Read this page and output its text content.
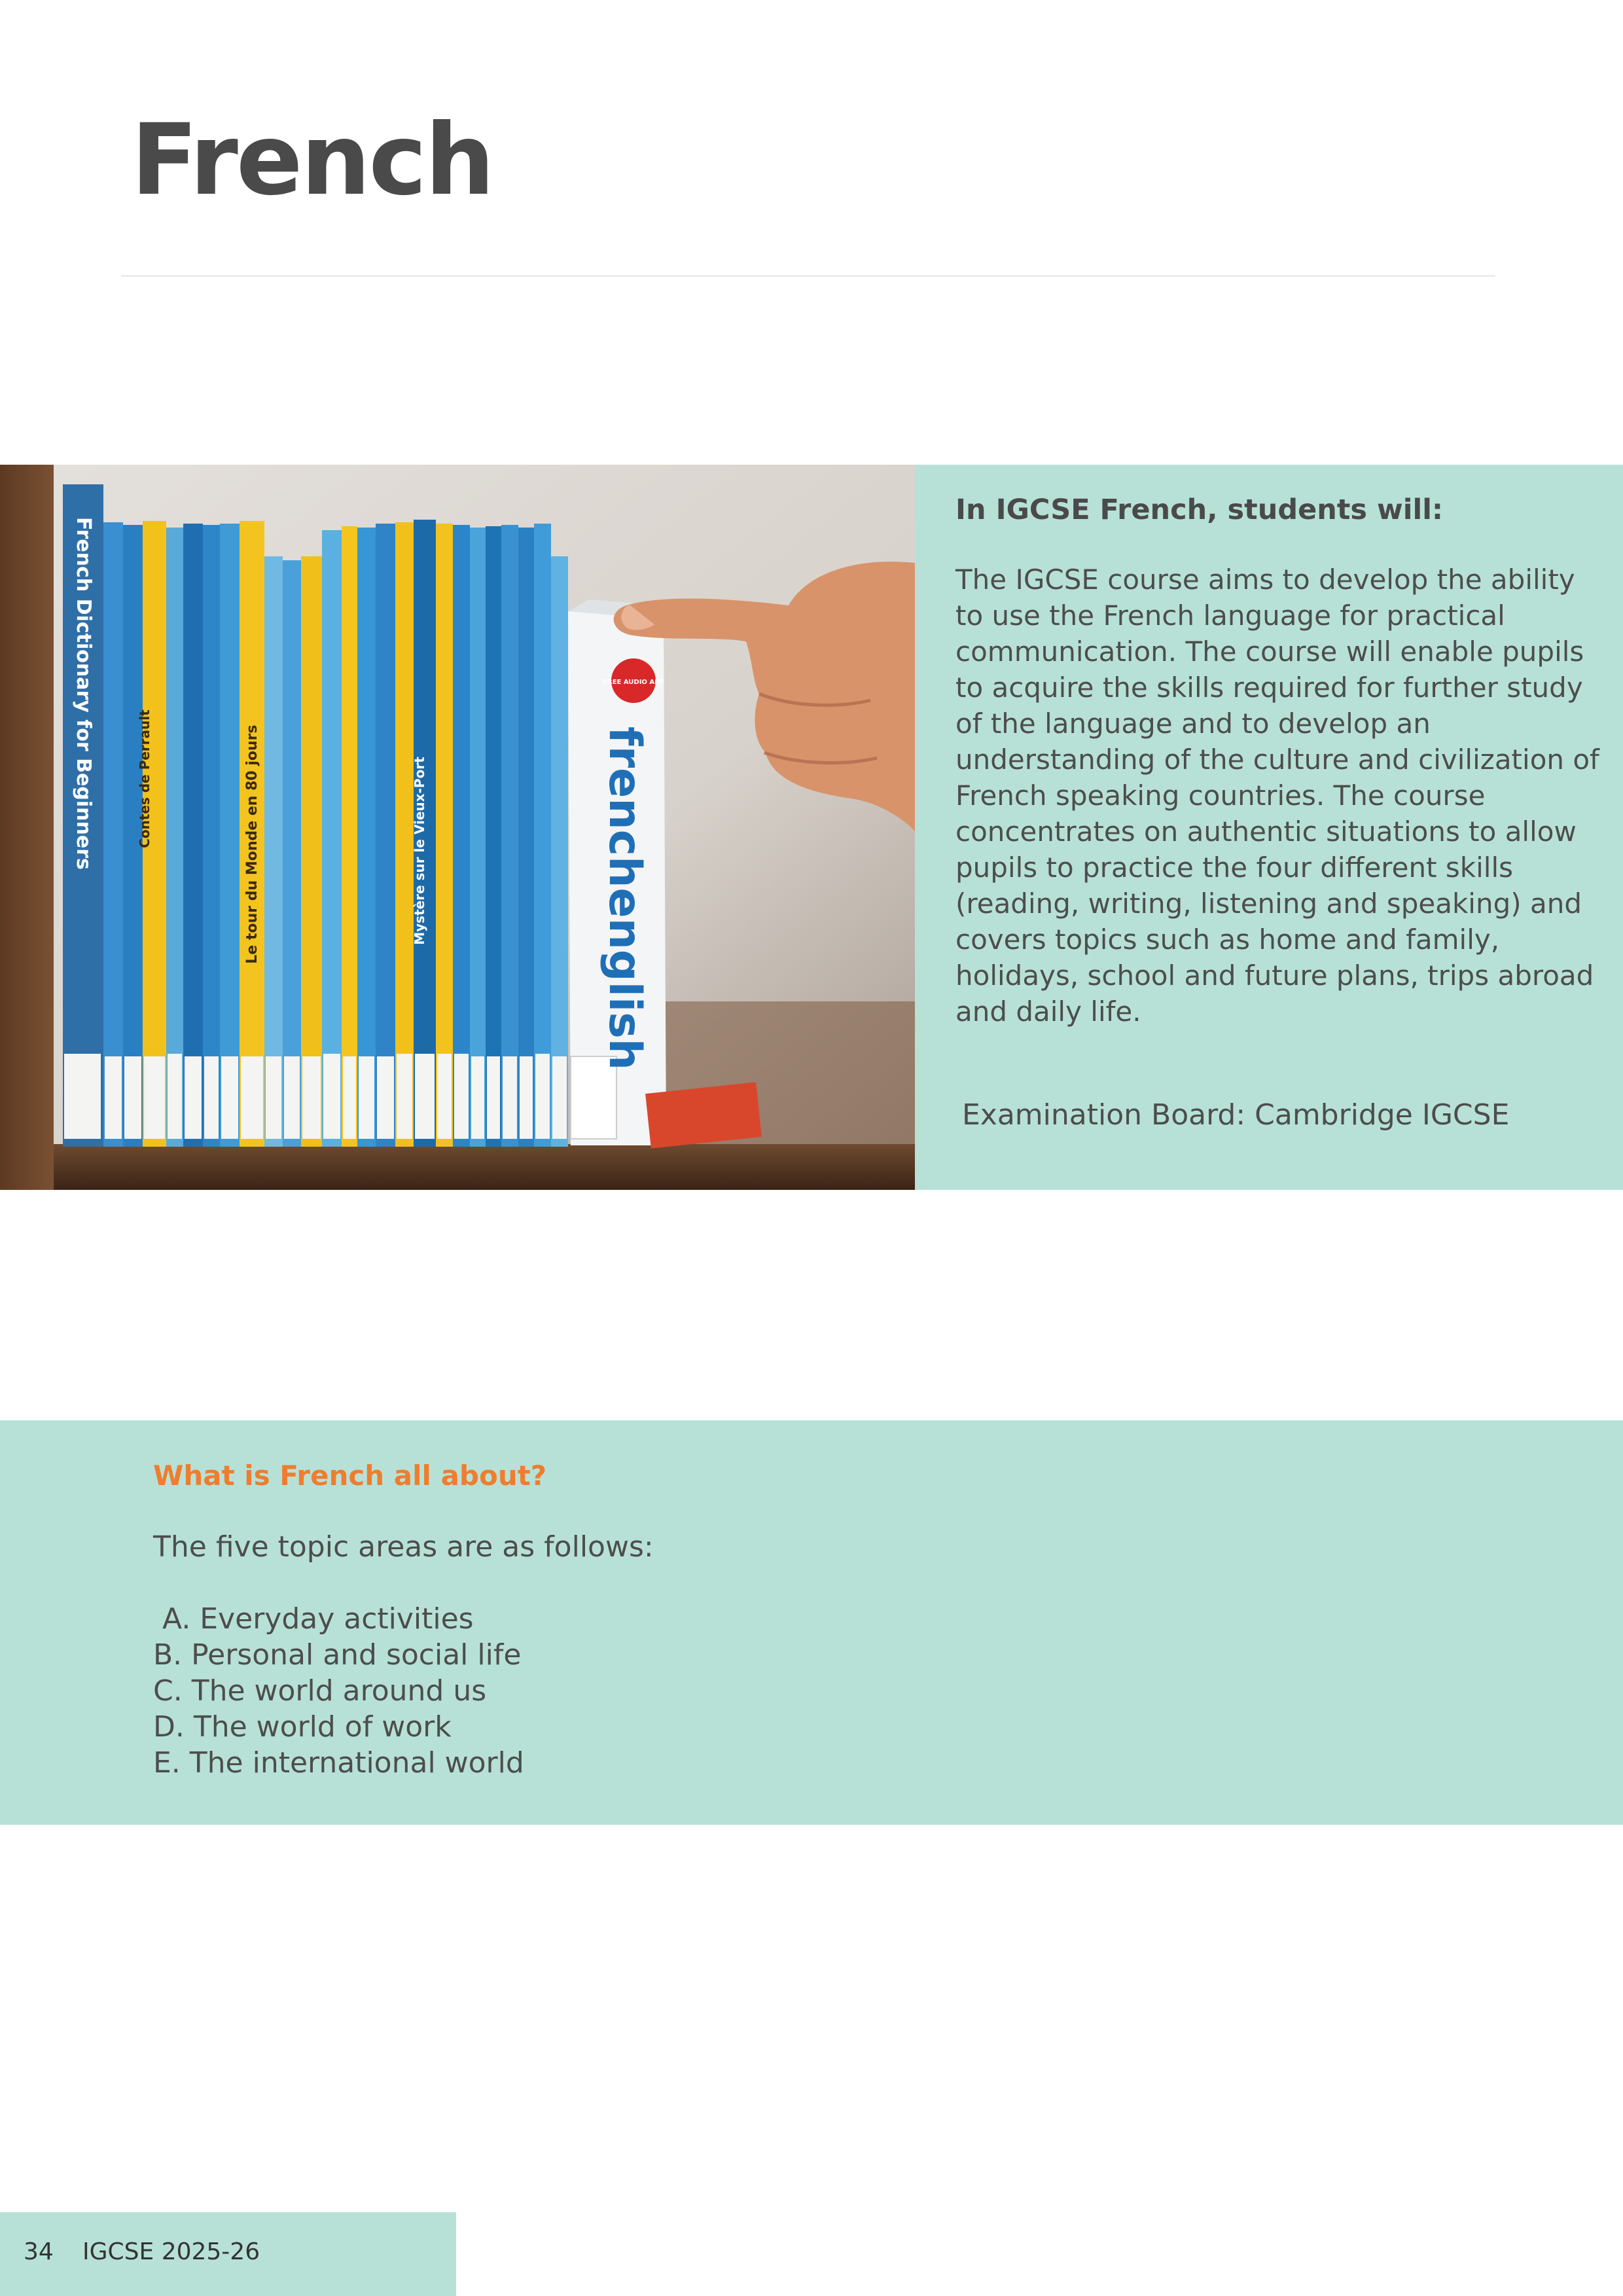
French
French Dictionary for Beginners	Contes de Perrault	Le tour du Monde en 80 jours	Mystère sur le Vieux-Port
FREE AUDIO APP
frenchenglish
In IGCSE French, students will:

The IGCSE course aims to develop the ability to use the French language for practical communication. The course will enable pupils to acquire the skills required for further study of the language and to develop an understanding of the culture and civilization of French speaking countries. The course concentrates on authentic situations to allow pupils to practice the four different skills (reading, writing, listening and speaking) and covers topics such as home and family, holidays, school and future plans, trips abroad and daily life.

Examination Board: Cambridge IGCSE

What is French all about?

The five topic areas are as follows:

A. Everyday activities
B. Personal and social life
C. The world around us
D. The world of work
E. The international world
34 IGCSE 2025-26
